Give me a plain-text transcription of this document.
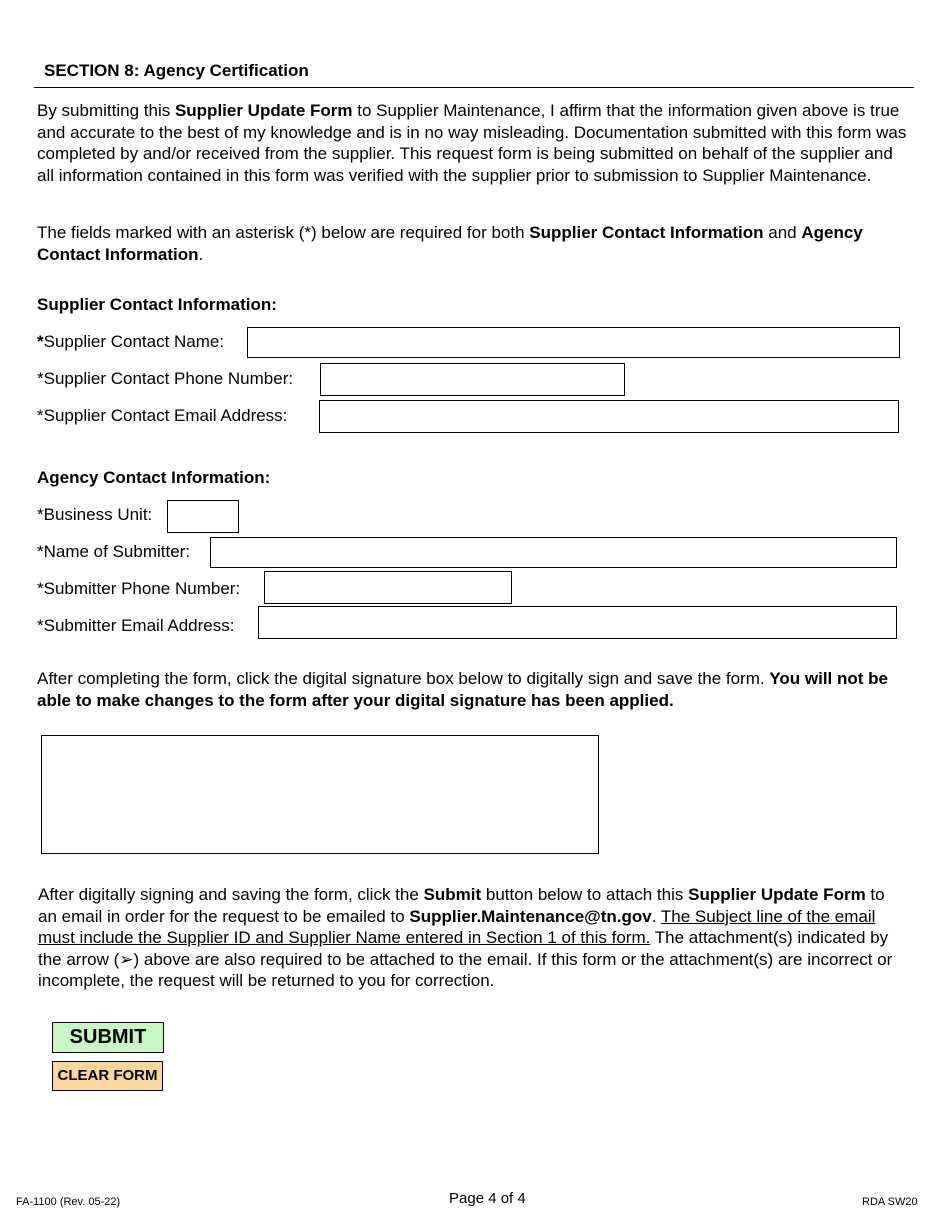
SECTION 8: Agency Certification
By submitting this Supplier Update Form to Supplier Maintenance, I affirm that the information given above is true and accurate to the best of my knowledge and is in no way misleading. Documentation submitted with this form was completed by and/or received from the supplier. This request form is being submitted on behalf of the supplier and all information contained in this form was verified with the supplier prior to submission to Supplier Maintenance.
The fields marked with an asterisk (*) below are required for both Supplier Contact Information and Agency Contact Information.
Supplier Contact Information:
*Supplier Contact Name:
*Supplier Contact Phone Number:
*Supplier Contact Email Address:
Agency Contact Information:
*Business Unit:
*Name of Submitter:
*Submitter Phone Number:
*Submitter Email Address:
After completing the form, click the digital signature box below to digitally sign and save the form. You will not be able to make changes to the form after your digital signature has been applied.
After digitally signing and saving the form, click the Submit button below to attach this Supplier Update Form to an email in order for the request to be emailed to Supplier.Maintenance@tn.gov. The Subject line of the email must include the Supplier ID and Supplier Name entered in Section 1 of this form. The attachment(s) indicated by the arrow (➢) above are also required to be attached to the email. If this form or the attachment(s) are incorrect or incomplete, the request will be returned to you for correction.
SUBMIT
CLEAR FORM
FA-1100 (Rev. 05-22)	Page 4 of 4	RDA SW20
